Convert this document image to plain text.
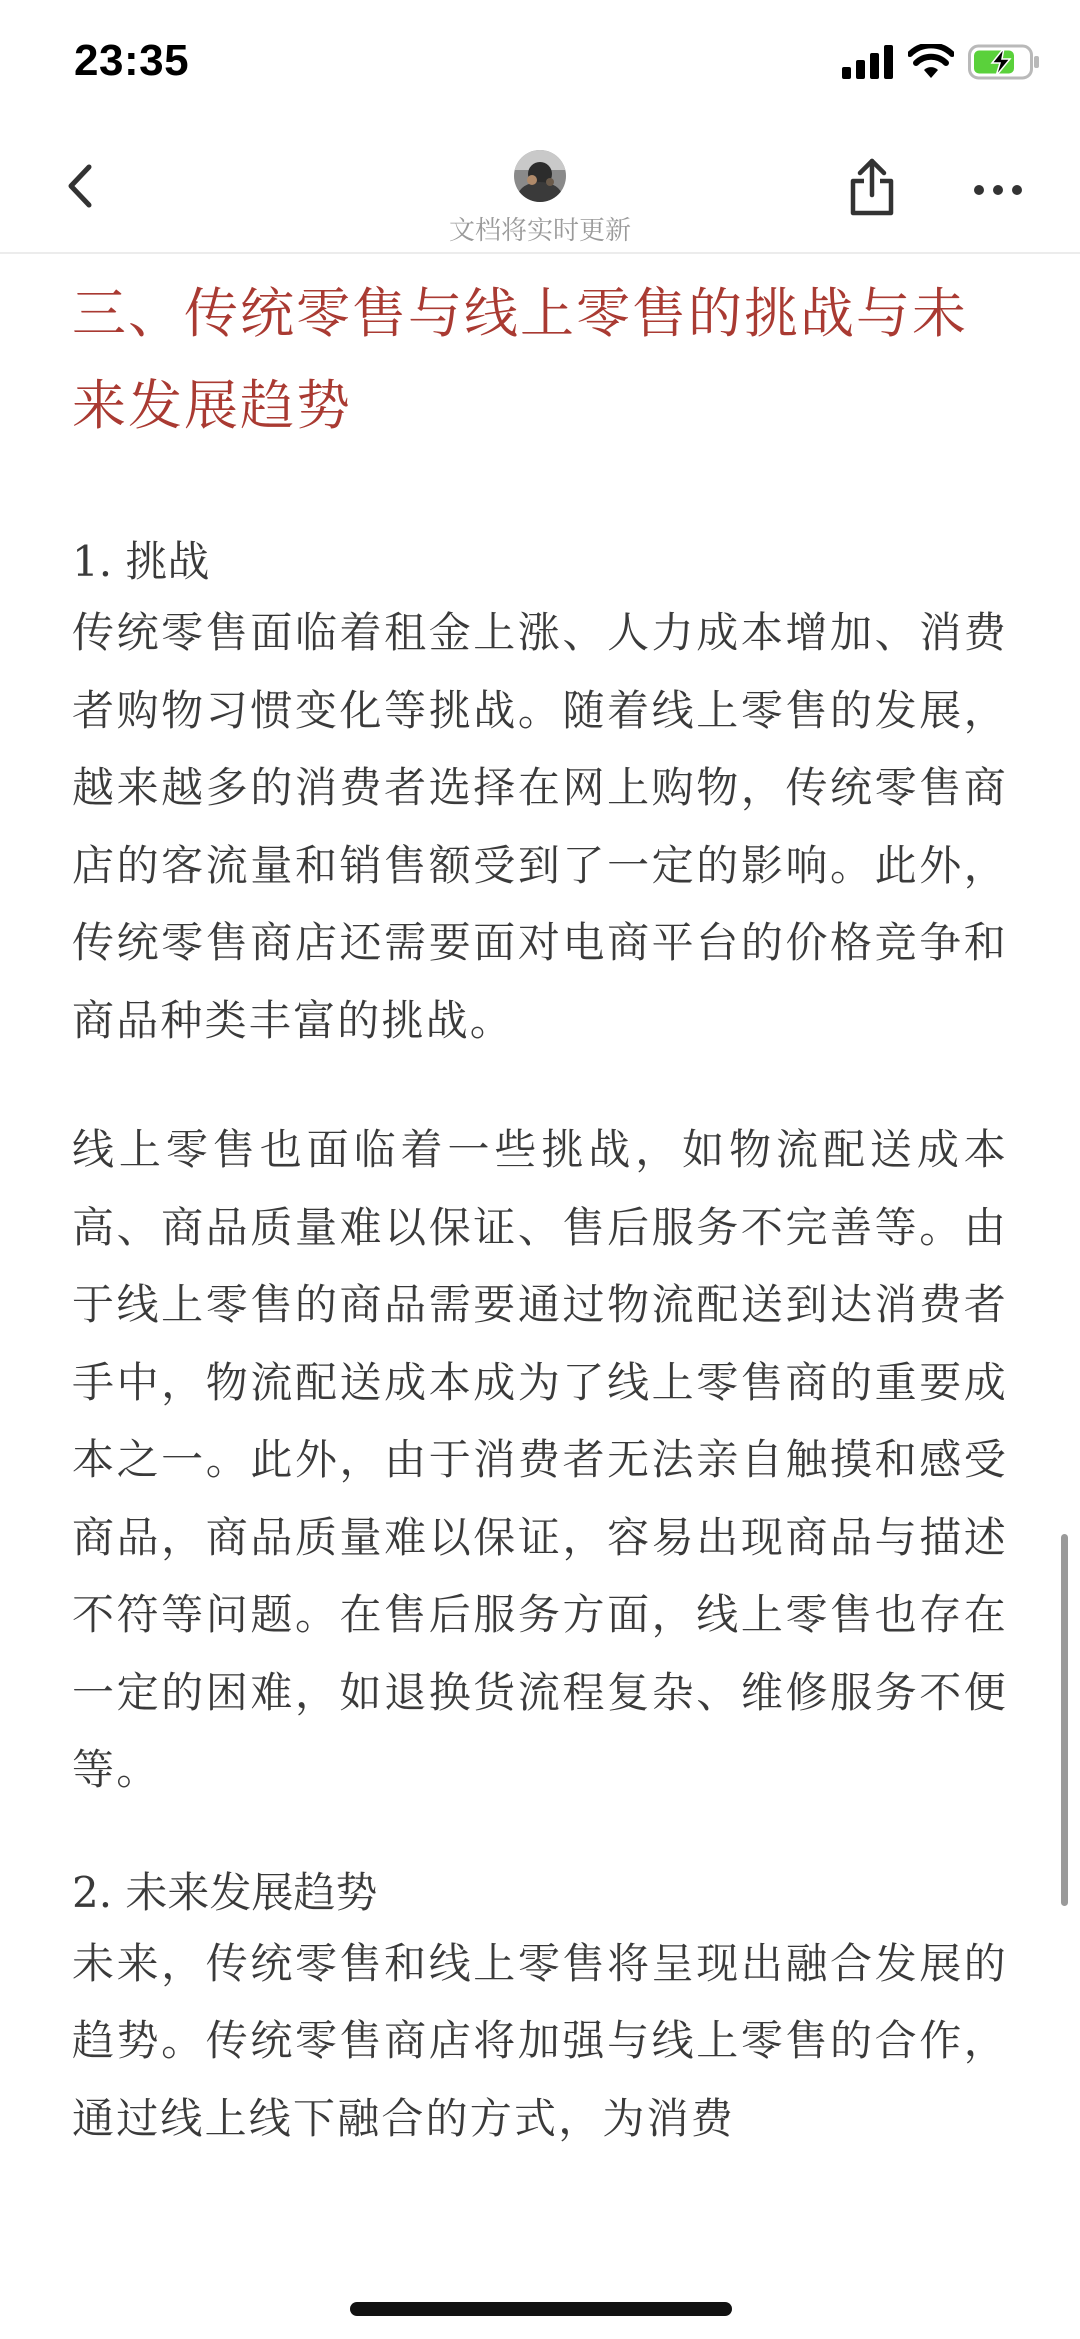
23:35
文档将实时更新
三、传统零售与线上零售的挑战与未来发展趋势

1. 挑战

传统零售面临着租金上涨、人力成本增加、消费者购物习惯变化等挑战。随着线上零售的发展，越来越多的消费者选择在网上购物，传统零售商店的客流量和销售额受到了一定的影响。此外，传统零售商店还需要面对电商平台的价格竞争和商品种类丰富的挑战。

线上零售也面临着一些挑战，如物流配送成本高、商品质量难以保证、售后服务不完善等。由于线上零售的商品需要通过物流配送到达消费者手中，物流配送成本成为了线上零售商的重要成本之一。此外，由于消费者无法亲自触摸和感受商品，商品质量难以保证，容易出现商品与描述不符等问题。在售后服务方面，线上零售也存在一定的困难，如退换货流程复杂、维修服务不便等。

2. 未来发展趋势

未来，传统零售和线上零售将呈现出融合发展的趋势。传统零售商店将加强与线上零售的合作，通过线上线下融合的方式，为消费
